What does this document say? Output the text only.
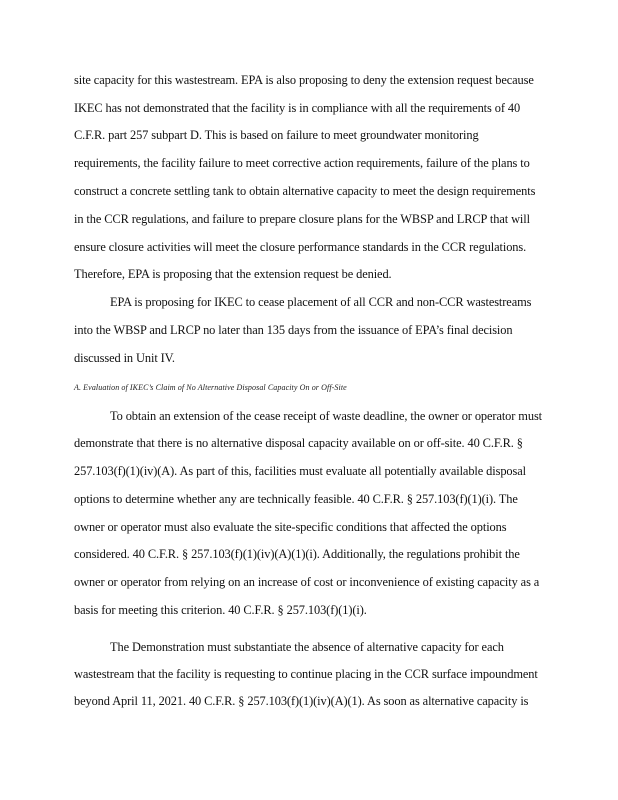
site capacity for this wastestream. EPA is also proposing to deny the extension request because
IKEC has not demonstrated that the facility is in compliance with all the requirements of 40
C.F.R. part 257 subpart D. This is based on failure to meet groundwater monitoring
requirements, the facility failure to meet corrective action requirements, failure of the plans to
construct a concrete settling tank to obtain alternative capacity to meet the design requirements
in the CCR regulations, and failure to prepare closure plans for the WBSP and LRCP that will
ensure closure activities will meet the closure performance standards in the CCR regulations.
Therefore, EPA is proposing that the extension request be denied.
EPA is proposing for IKEC to cease placement of all CCR and non-CCR wastestreams
into the WBSP and LRCP no later than 135 days from the issuance of EPA’s final decision
discussed in Unit IV.
A. Evaluation of IKEC’s Claim of No Alternative Disposal Capacity On or Off-Site
To obtain an extension of the cease receipt of waste deadline, the owner or operator must
demonstrate that there is no alternative disposal capacity available on or off-site. 40 C.F.R. §
257.103(f)(1)(iv)(A). As part of this, facilities must evaluate all potentially available disposal
options to determine whether any are technically feasible. 40 C.F.R. § 257.103(f)(1)(i). The
owner or operator must also evaluate the site-specific conditions that affected the options
considered. 40 C.F.R. § 257.103(f)(1)(iv)(A)(1)(i). Additionally, the regulations prohibit the
owner or operator from relying on an increase of cost or inconvenience of existing capacity as a
basis for meeting this criterion. 40 C.F.R. § 257.103(f)(1)(i).
The Demonstration must substantiate the absence of alternative capacity for each
wastestream that the facility is requesting to continue placing in the CCR surface impoundment
beyond April 11, 2021. 40 C.F.R. § 257.103(f)(1)(iv)(A)(1). As soon as alternative capacity is
